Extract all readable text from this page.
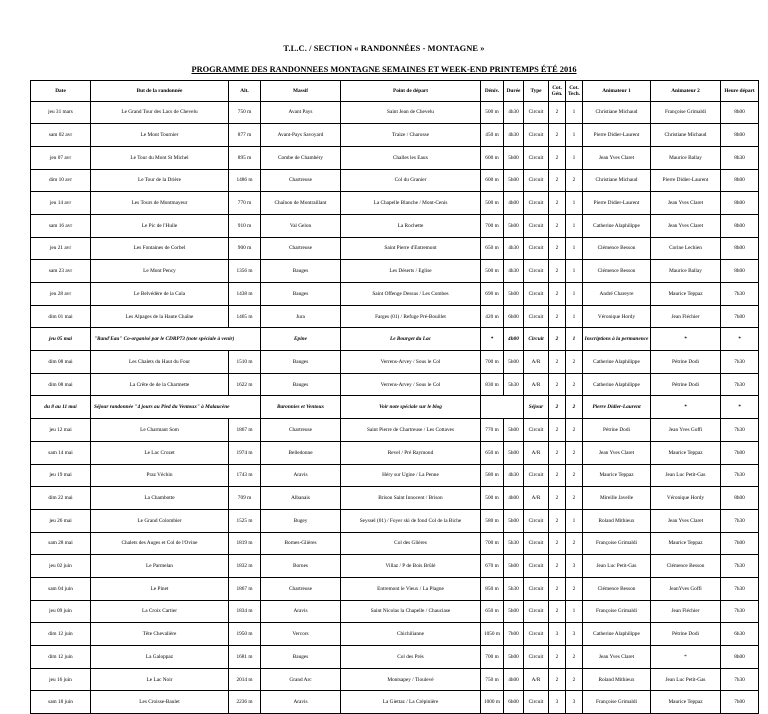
T.L.C. / SECTION « RANDONNÉES - MONTAGNE »
PROGRAMME DES RANDONNEES MONTAGNE SEMAINES ET WEEK-END PRINTEMPS ÉTÉ 2016
Date	But de la randonnée	Alt.	Massif	Point de départ	Dénív.	Durée	Type	Cot. Gén.	Cot. Tech.	Animateur 1	Animateur 2	Heure départ
jeu 31 mars	Le Grand Tour des Lacs de Chevelu	750 m	Avant Pays	Saint Jean de Chevelu	500 m	4h30	Circuit	2	1	Christiane Michaud	Françoise Grimaldi	8h00
sam 02 avr	Le Mont Tournier	877 m	Avant-Pays Savoyard	Traize / Charosse	450 m	4h30	Circuit	2	1	Pierre Didier-Laurent	Christiane Michaud	8h00
jeu 07 avr	Le Tour du Mont St Michel	895 m	Combe de Chambéry	Challes les Eaux	600 m	5h00	Circuit	2	1	Jean Yves Claret	Maurice Ballay	8h30
dim 10 avr	Le Tour de la Drière	1486 m	Chartreuse	Col du Granier	600 m	5h00	Circuit	2	2	Christiane Michaud	Pierre Didier-Laurent	8h00
jeu 14 avr	Les Tours de Montmayeur	770 m	Chaînon de Montraillant	La Chapelle Blanche / Mont-Cenis	500 m	4h00	Circuit	2	1	Pierre Didier-Laurent	Jean Yves Claret	8h00
sam 16 avr	Le Pic de l'Huile	910 m	Val Gelon	La Rochette	700 m	5h00	Circuit	2	1	Catherine Alaphilippe	Jean Yves Claret	8h00
jeu 21 avr	Les Fontaines de Corbel	900 m	Chartreuse	Saint Pierre d'Entremont	650 m	4h30	Circuit	2	1	Clémence Besson	Corine Lechien	8h00
sam 23 avr	Le Mont Pency	1356 m	Bauges	Les Déserts / Eglise	500 m	4h30	Circuit	2	1	Clémence Besson	Maurice Ballay	8h00
jeu 28 avr	Le Belvédère de la Cula	1438 m	Bauges	Saint Offenge Dessus / Les Combes	690 m	5h00	Circuit	2	1	André Chareyre	Maurice Teppaz	7h30
dim 01 mai	Les Alpages de la Haute Chaîne	1465 m	Jura	Farges (01) / Refuge Pré-Bouillet	420 m	6h00	Circuit	2	1	Véronique Hordy	Jean Fléchier	7h00
jeu 05 mai	"Rand'Eau" Co-organisé par le CDRP73 (note spéciale à venir)		Epine	Le Bourget du Lac	*	4h00	Circuit	2	1	Inscriptions à la permanence	*	*
dim 08 mai	Les Chalets du Haut du Four	1510 m	Bauges	Verrens-Arvey / Sous le Col	700 m	5h00	A/R	2	2	Catherine Alaphilippe	Pétrine Dodi	7h30
dim 08 mai	La Crête de de la Charmette	1622 m	Bauges	Verrens-Arvey / Sous le Col	830 m	5h30	A/R	2	2	Catherine Alaphilippe	Pétrine Dodi	7h30
du 8 au 11 mai	Séjour randonnée "4 jours au Pied du Ventoux" à Malaucène		Baronnies et Ventoux	Voir note spéciale sur le blog			Séjour	2	2	Pierre Didier-Laurent	*	*
jeu 12 mai	Le Charmant Som	1867 m	Chartreuse	Saint Pierre de Chartreuse / Les Cottaves	770 m	5h00	Circuit	2	2	Pétrine Dodi	Jean Yves Goffi	7h30
sam 14 mai	Le Lac Crozet	1974 m	Belledonne	Revel / Pré Raymond	650 m	5h00	A/R	2	2	Jean Yves Claret	Maurice Teppaz	7h00
jeu 19 mai	Praz Véchin	1743 m	Aravis	Héry sur Ugine / La Penne	580 m	4h30	Circuit	2	2	Maurice Teppaz	Jean Luc Petit-Gas	7h30
dim 22 mai	La Chambotte	709 m	Albanais	Brison Saint Innocent / Brison	500 m	4h00	A/R	2	2	Mireille Javelle	Véronique Hordy	8h00
jeu 26 mai	Le Grand Colombier	1525 m	Bugey	Seyssel (01) / Foyer ski de fond Col de la Biche	580 m	5h00	Circuit	2	1	Roland Mithieux	Jean Yves Claret	7h30
sam 28 mai	Chalets des Auges et Col de l'Ovine	1819 m	Bornes-Glières	Col des Glières	700 m	5h30	Circuit	2	2	Françoise Grimaldi	Maurice Teppaz	7h00
jeu 02 juin	Le Parmelan	1832 m	Bornes	Villaz / P de Bois Brûlé	670 m	5h00	Circuit	2	3	Jean Luc Petit-Gas	Clémence Besson	7h30
sam 04 juin	Le Pinet	1867 m	Chartreuse	Entremont le Vieux / La Plagne	850 m	5h30	Circuit	2	2	Clémence Besson	JeanYves Goffi	7h30
jeu 09 juin	La Croix Cartier	1834 m	Aravis	Saint Nicolas la Chapelle / Chauciase	650 m	5h00	Circuit	2	1	Françoise Grimaldi	Jean Fléchier	7h30
dim 12 juin	Tête Chevalière	1950 m	Vercors	Chichilianne	1050 m	7h00	Circuit	3	3	Catherine Alaphilippe	Pétrine Dodi	6h30
dim 12 juin	La Galoppaz	1681 m	Bauges	Col des Prés	700 m	5h00	Circuit	2	2	Jean Yves Claret	*	8h00
jeu 16 juin	Le Lac Noir	2014 m	Grand Arc	Montsapey / Tioulevé	750 m	4h00	A/R	2	2	Roland Mithieux	Jean Luc Petit-Gas	7h30
sam 18 juin	Les Croisse-Baulet	2236 m	Aravis	La Giettaz / La Crépinière	1000 m	6h00	Circuit	3	3	Françoise Grimaldi	Maurice Teppaz	7h00
